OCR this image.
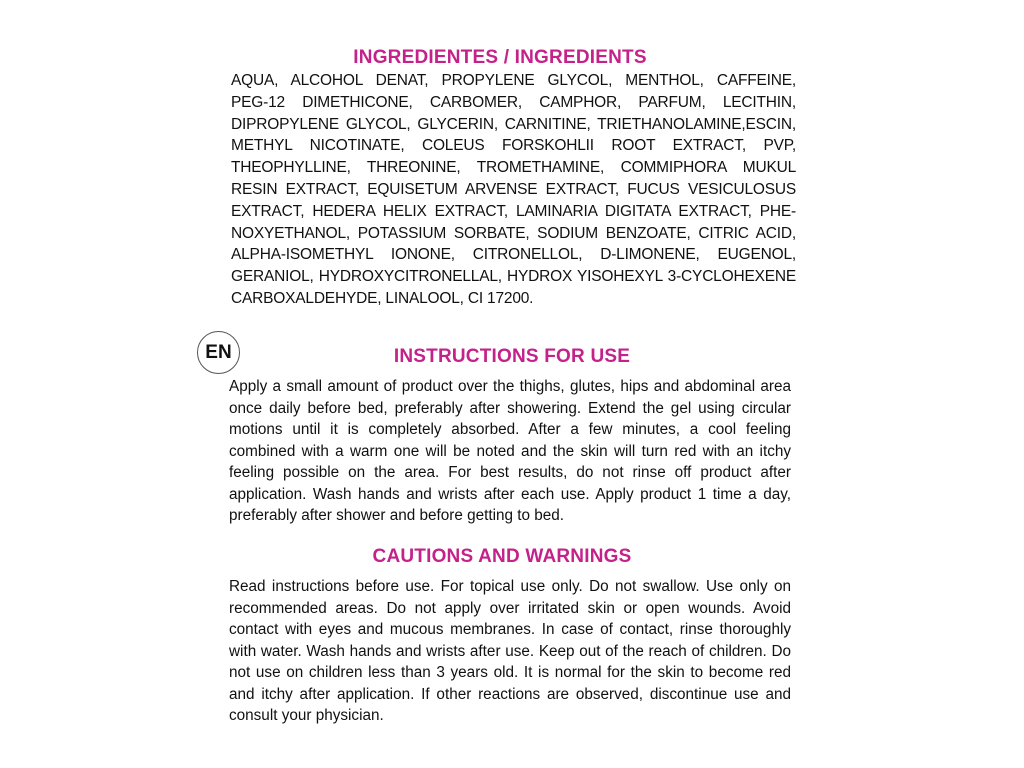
INGREDIENTES / INGREDIENTS
AQUA, ALCOHOL DENAT, PROPYLENE GLYCOL, MENTHOL, CAFFEINE,
PEG-12 DIMETHICONE, CARBOMER, CAMPHOR, PARFUM, LECITHIN,
DIPROPYLENE GLYCOL, GLYCERIN, CARNITINE, TRIETHANOLAMINE,ESCIN,
METHYL NICOTINATE, COLEUS FORSKOHLII ROOT EXTRACT, PVP,
THEOPHYLLINE, THREONINE, TROMETHAMINE, COMMIPHORA MUKUL
RESIN EXTRACT, EQUISETUM ARVENSE EXTRACT, FUCUS VESICULOSUS
EXTRACT, HEDERA HELIX EXTRACT, LAMINARIA DIGITATA EXTRACT, PHE-
NOXYETHANOL, POTASSIUM SORBATE, SODIUM BENZOATE, CITRIC ACID,
ALPHA-ISOMETHYL IONONE, CITRONELLOL, D-LIMONENE, EUGENOL,
GERANIOL, HYDROXYCITRONELLAL, HYDROX YISOHEXYL 3-CYCLOHEXENE
CARBOXALDEHYDE, LINALOOL, CI 17200.
EN	INSTRUCTIONS FOR USE

Apply a small amount of product over the thighs, glutes, hips and abdominal area once daily before bed, preferably after showering. Extend the gel using circular motions until it is completely absorbed. After a few minutes, a cool feeling combined with a warm one will be noted and the skin will turn red with an itchy feeling possible on the area. For best results, do not rinse off product after application. Wash hands and wrists after each use. Apply product 1 time a day, preferably after shower and before getting to bed.

CAUTIONS AND WARNINGS

Read instructions before use. For topical use only. Do not swallow. Use only on recommended areas. Do not apply over irritated skin or open wounds. Avoid contact with eyes and mucous membranes. In case of contact, rinse thoroughly with water. Wash hands and wrists after use. Keep out of the reach of children. Do not use on children less than 3 years old. It is normal for the skin to become red and itchy after application. If other reactions are observed, discontinue use and consult your physician.
